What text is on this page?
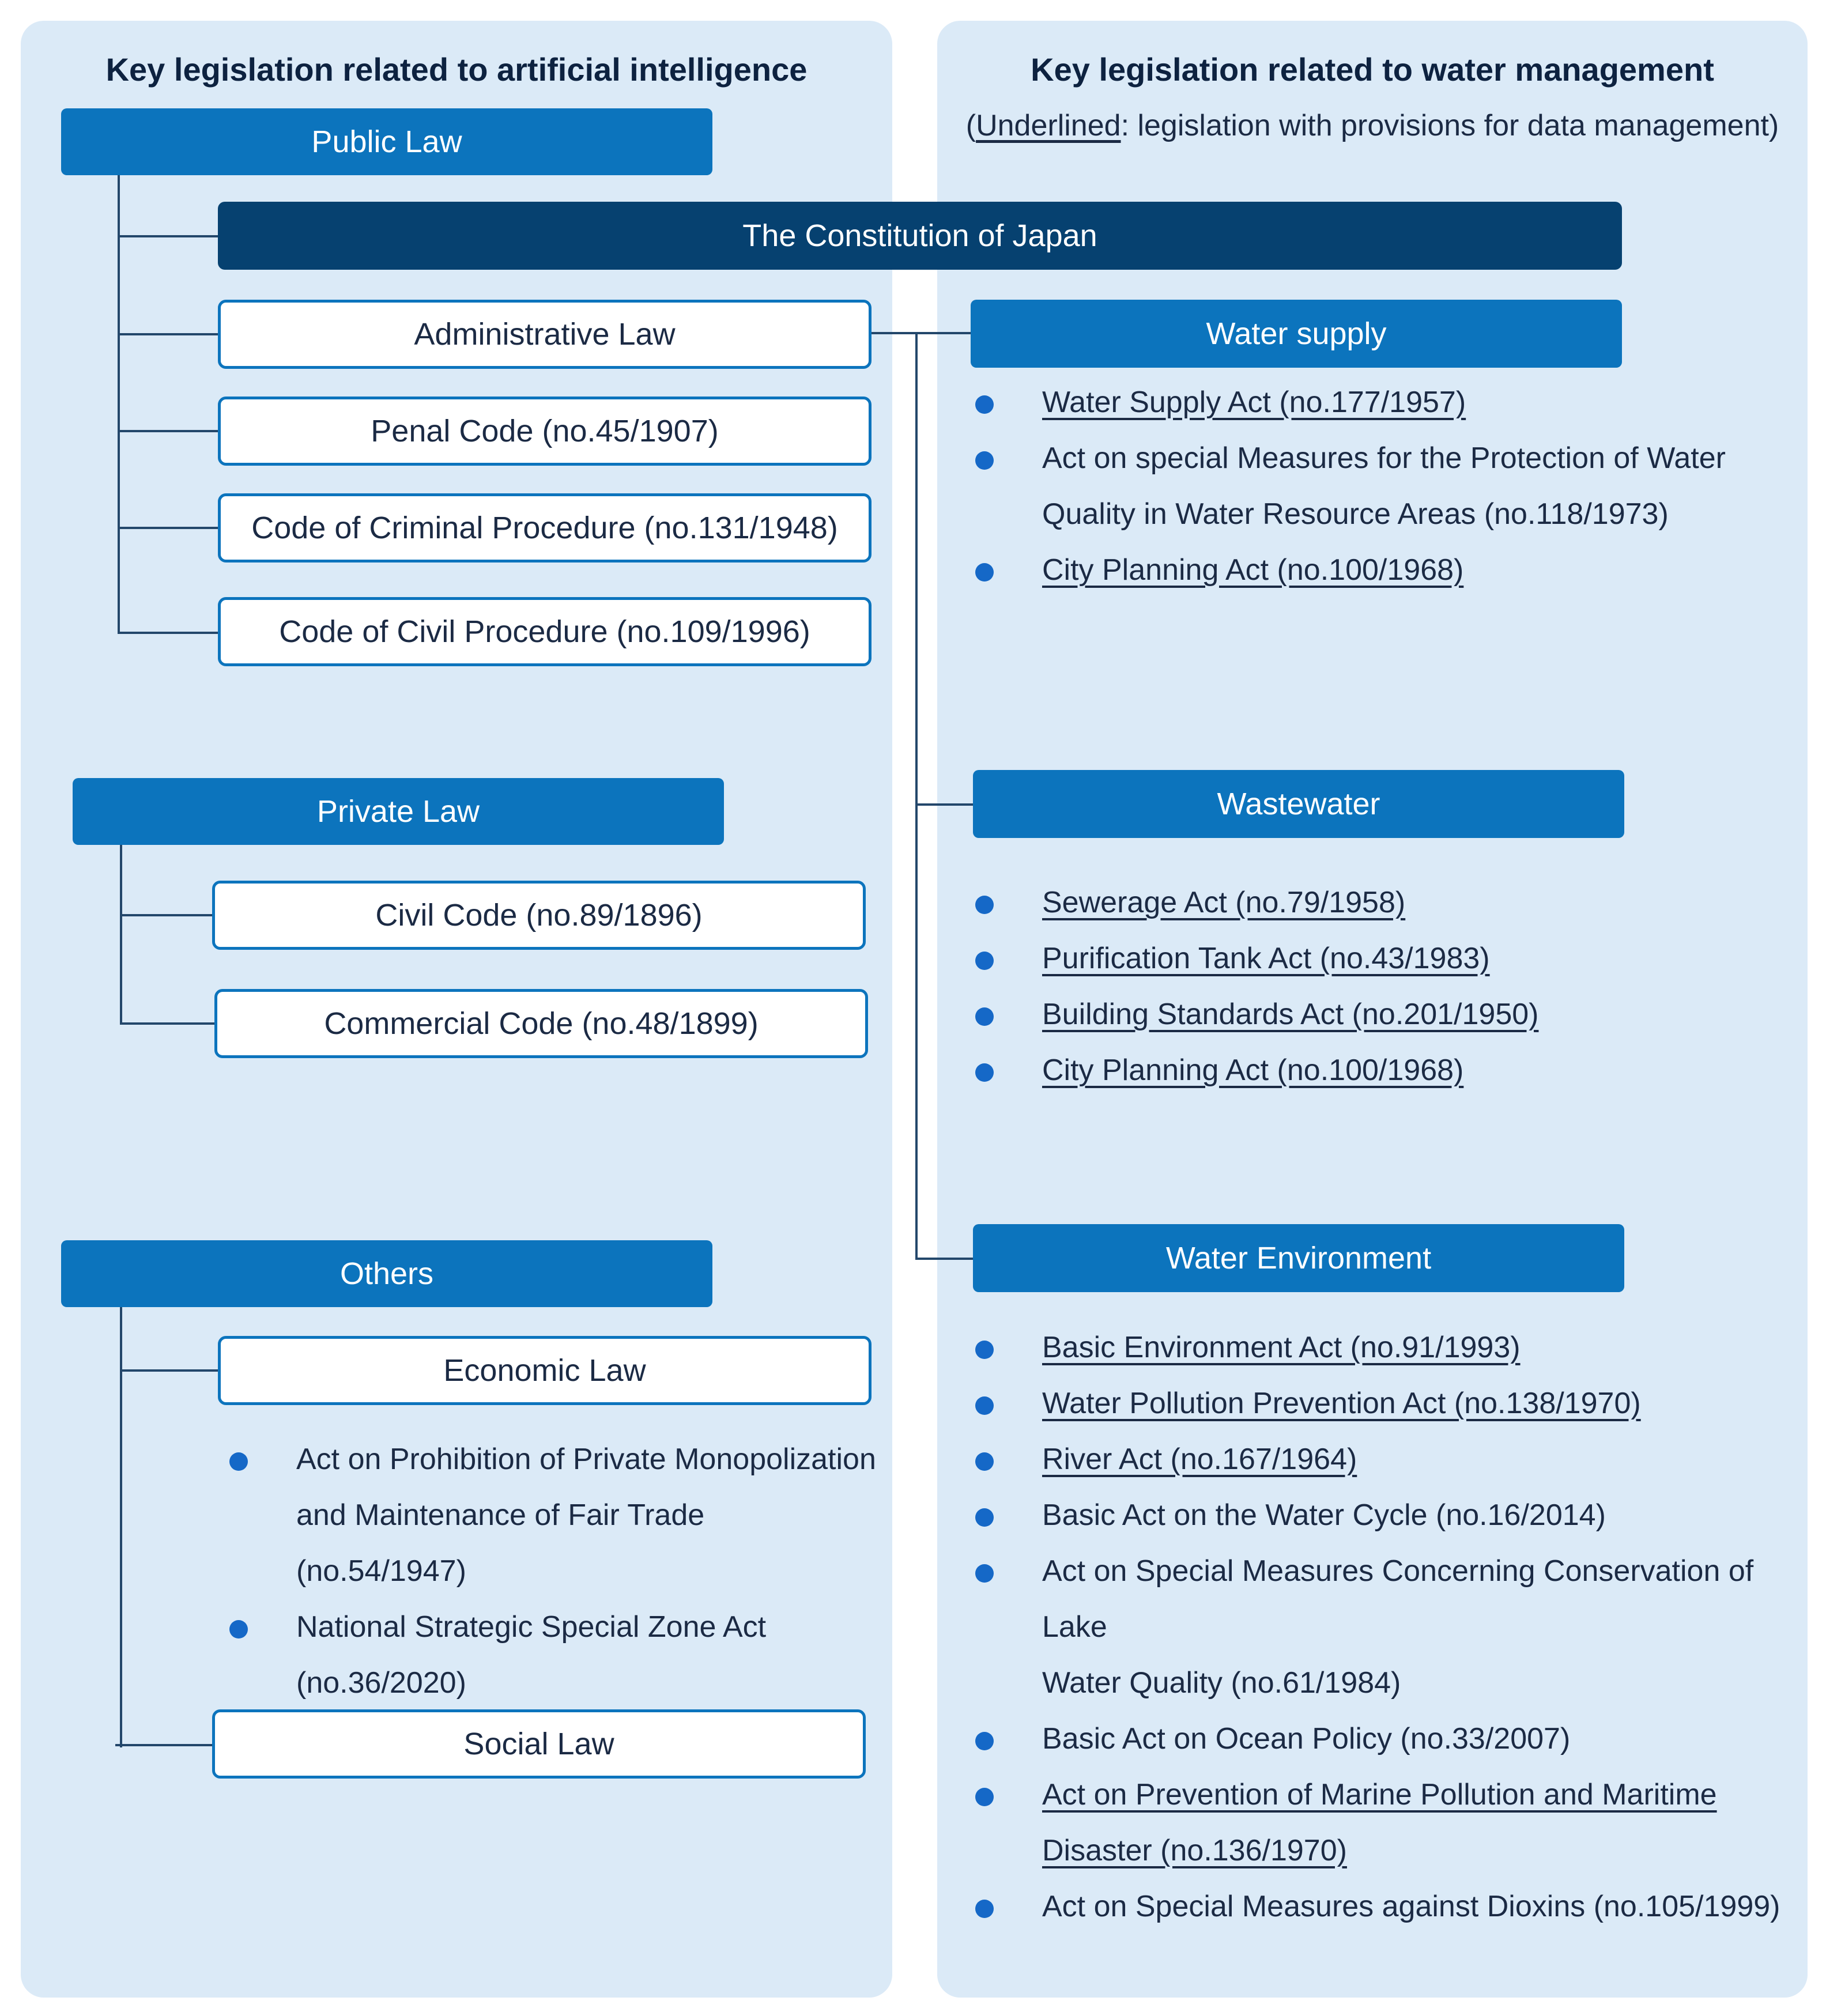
Key legislation related to artificial intelligence	Key legislation related to water management
(Underlined: legislation with provisions for data management)
Public Law
The Constitution of Japan
Administrative Law
Penal Code (no.45/1907)
Code of Criminal Procedure (no.131/1948)
Code of Civil Procedure (no.109/1996)
Private Law
Civil Code (no.89/1896)
Commercial Code (no.48/1899)
Others
Economic Law
Act on Prohibition of Private Monopolization
and Maintenance of Fair Trade (no.54/1947)
National Strategic Special Zone Act
(no.36/2020)
Social Law
Water supply
Water Supply Act (no.177/1957)
Act on special Measures for the Protection of Water
Quality in Water Resource Areas (no.118/1973)
City Planning Act (no.100/1968)
Wastewater
Sewerage Act (no.79/1958)
Purification Tank Act (no.43/1983)
Building Standards Act (no.201/1950)
City Planning Act (no.100/1968)
Water Environment
Basic Environment Act (no.91/1993)
Water Pollution Prevention Act (no.138/1970)
River Act (no.167/1964)
Basic Act on the Water Cycle (no.16/2014)
Act on Special Measures Concerning Conservation of Lake
Water Quality (no.61/1984)
Basic Act on Ocean Policy (no.33/2007)
Act on Prevention of Marine Pollution and Maritime
Disaster (no.136/1970)
Act on Special Measures against Dioxins (no.105/1999)
